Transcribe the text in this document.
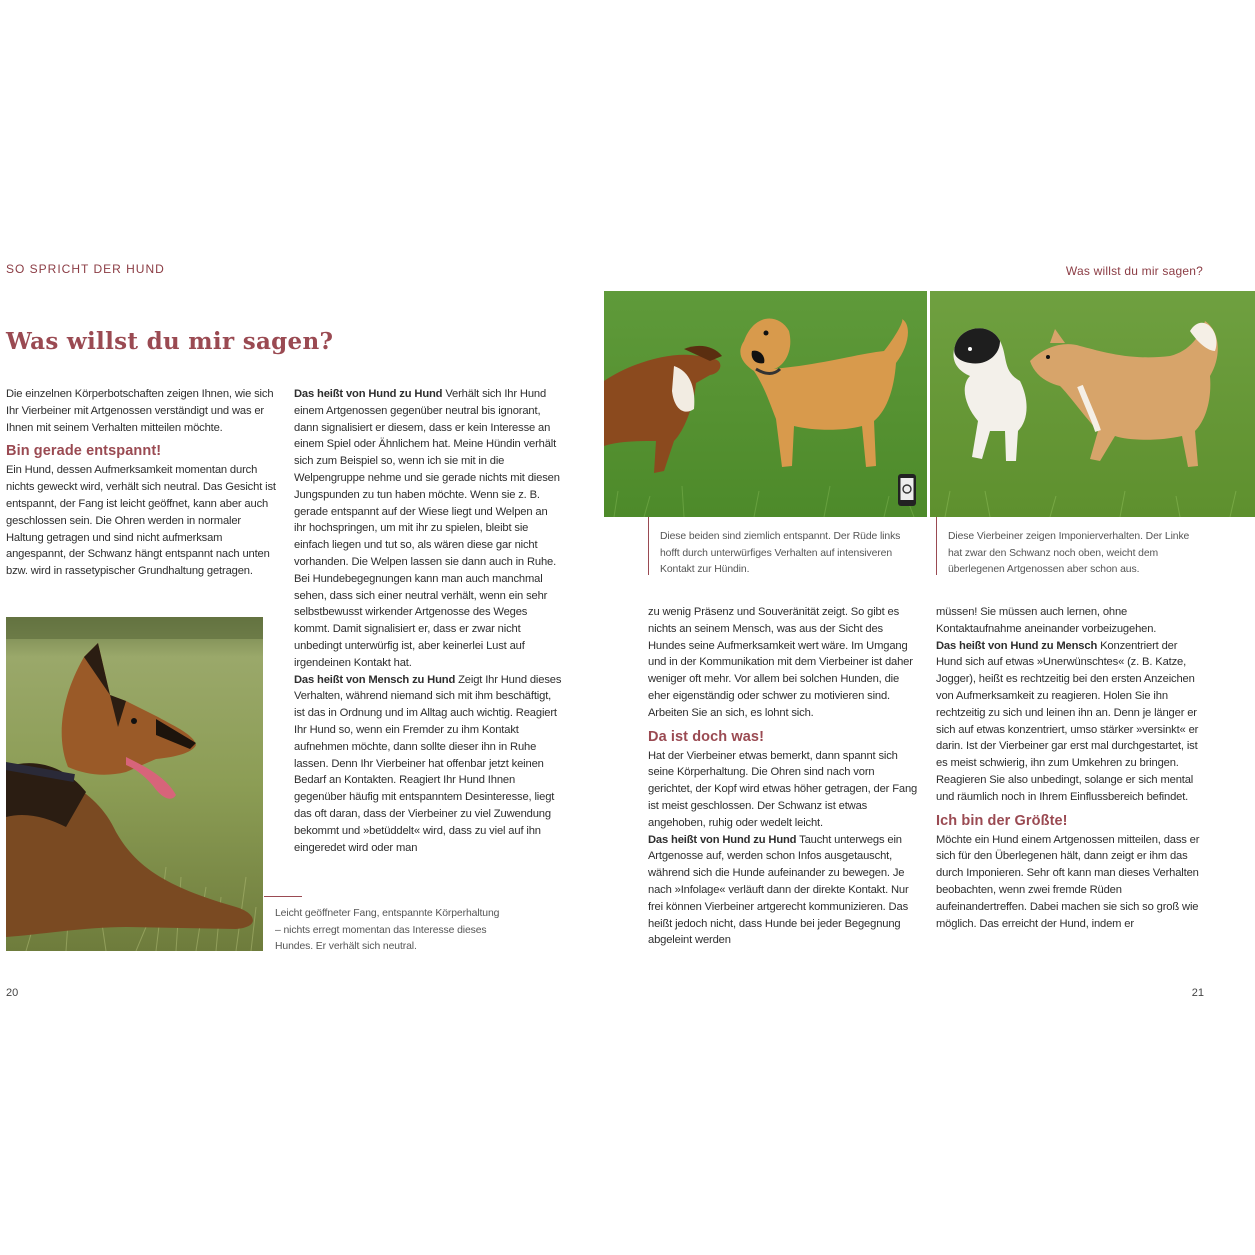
SO SPRICHT DER HUND	Was willst du mir sagen?
Was willst du mir sagen?

Die einzelnen Körperbotschaften zeigen Ihnen, wie sich Ihr Vierbeiner mit Artgenossen verständigt und was er Ihnen mit seinem Verhalten mitteilen möchte.

Bin gerade entspannt!

Ein Hund, dessen Aufmerksamkeit momentan durch nichts geweckt wird, verhält sich neutral. Das Gesicht ist entspannt, der Fang ist leicht geöffnet, kann aber auch geschlossen sein. Die Ohren werden in normaler Haltung getragen und sind nicht aufmerksam angespannt, der Schwanz hängt entspannt nach unten bzw. wird in rassetypischer Grundhaltung getragen.

Leicht geöffneter Fang, entspannte Körperhaltung – nichts erregt momentan das Interesse dieses Hundes. Er verhält sich neutral.

Das heißt von Hund zu Hund Verhält sich Ihr Hund einem Artgenossen gegenüber neutral bis ignorant, dann signalisiert er diesem, dass er kein Interesse an einem Spiel oder Ähnlichem hat. Meine Hündin verhält sich zum Beispiel so, wenn ich sie mit in die Welpengruppe nehme und sie gerade nichts mit diesen Jungspunden zu tun haben möchte. Wenn sie z. B. gerade entspannt auf der Wiese liegt und Welpen an ihr hochspringen, um mit ihr zu spielen, bleibt sie einfach liegen und tut so, als wären diese gar nicht vorhanden. Die Welpen lassen sie dann auch in Ruhe. Bei Hundebegegnungen kann man auch manchmal sehen, dass sich einer neutral verhält, wenn ein sehr selbstbewusst wirkender Artgenosse des Weges kommt. Damit signalisiert er, dass er zwar nicht unbedingt unterwürfig ist, aber keinerlei Lust auf irgendeinen Kontakt hat.

Das heißt von Mensch zu Hund Zeigt Ihr Hund dieses Verhalten, während niemand sich mit ihm beschäftigt, ist das in Ordnung und im Alltag auch wichtig. Reagiert Ihr Hund so, wenn ein Fremder zu ihm Kontakt aufnehmen möchte, dann sollte dieser ihn in Ruhe lassen. Denn Ihr Vierbeiner hat offenbar jetzt keinen Bedarf an Kontakten. Reagiert Ihr Hund Ihnen gegenüber häufig mit entspanntem Desinteresse, liegt das oft daran, dass der Vierbeiner zu viel Zuwendung bekommt und »betüddelt« wird, dass zu viel auf ihn eingeredet wird oder man

Diese beiden sind ziemlich entspannt. Der Rüde links hofft durch unterwürfiges Verhalten auf intensiveren Kontakt zur Hündin.
Diese Vierbeiner zeigen Imponierverhalten. Der Linke hat zwar den Schwanz noch oben, weicht dem überlegenen Artgenossen aber schon aus.

zu wenig Präsenz und Souveränität zeigt. So gibt es nichts an seinem Mensch, was aus der Sicht des Hundes seine Aufmerksamkeit wert wäre. Im Umgang und in der Kommunikation mit dem Vierbeiner ist daher weniger oft mehr. Vor allem bei solchen Hunden, die eher eigenständig oder schwer zu motivieren sind. Arbeiten Sie an sich, es lohnt sich.

Da ist doch was!

Hat der Vierbeiner etwas bemerkt, dann spannt sich seine Körperhaltung. Die Ohren sind nach vorn gerichtet, der Kopf wird etwas höher getragen, der Fang ist meist geschlossen. Der Schwanz ist etwas angehoben, ruhig oder wedelt leicht.

Das heißt von Hund zu Hund Taucht unterwegs ein Artgenosse auf, werden schon Infos ausgetauscht, während sich die Hunde aufeinander zu bewegen. Je nach »Infolage« verläuft dann der direkte Kontakt. Nur frei können Vierbeiner artgerecht kommunizieren. Das heißt jedoch nicht, dass Hunde bei jeder Begegnung abgeleint werden

müssen! Sie müssen auch lernen, ohne Kontaktaufnahme aneinander vorbeizugehen.

Das heißt von Hund zu Mensch Konzentriert der Hund sich auf etwas »Unerwünschtes« (z. B. Katze, Jogger), heißt es rechtzeitig bei den ersten Anzeichen von Aufmerksamkeit zu reagieren. Holen Sie ihn rechtzeitig zu sich und leinen ihn an. Denn je länger er sich auf etwas konzentriert, umso stärker »versinkt« er darin. Ist der Vierbeiner gar erst mal durchgestartet, ist es meist schwierig, ihn zum Umkehren zu bringen. Reagieren Sie also unbedingt, solange er sich mental und räumlich noch in Ihrem Einflussbereich befindet.

Ich bin der Größte!

Möchte ein Hund einem Artgenossen mitteilen, dass er sich für den Überlegenen hält, dann zeigt er ihm das durch Imponieren. Sehr oft kann man dieses Verhalten beobachten, wenn zwei fremde Rüden aufeinandertreffen. Dabei machen sie sich so groß wie möglich. Das erreicht der Hund, indem er

20	21
